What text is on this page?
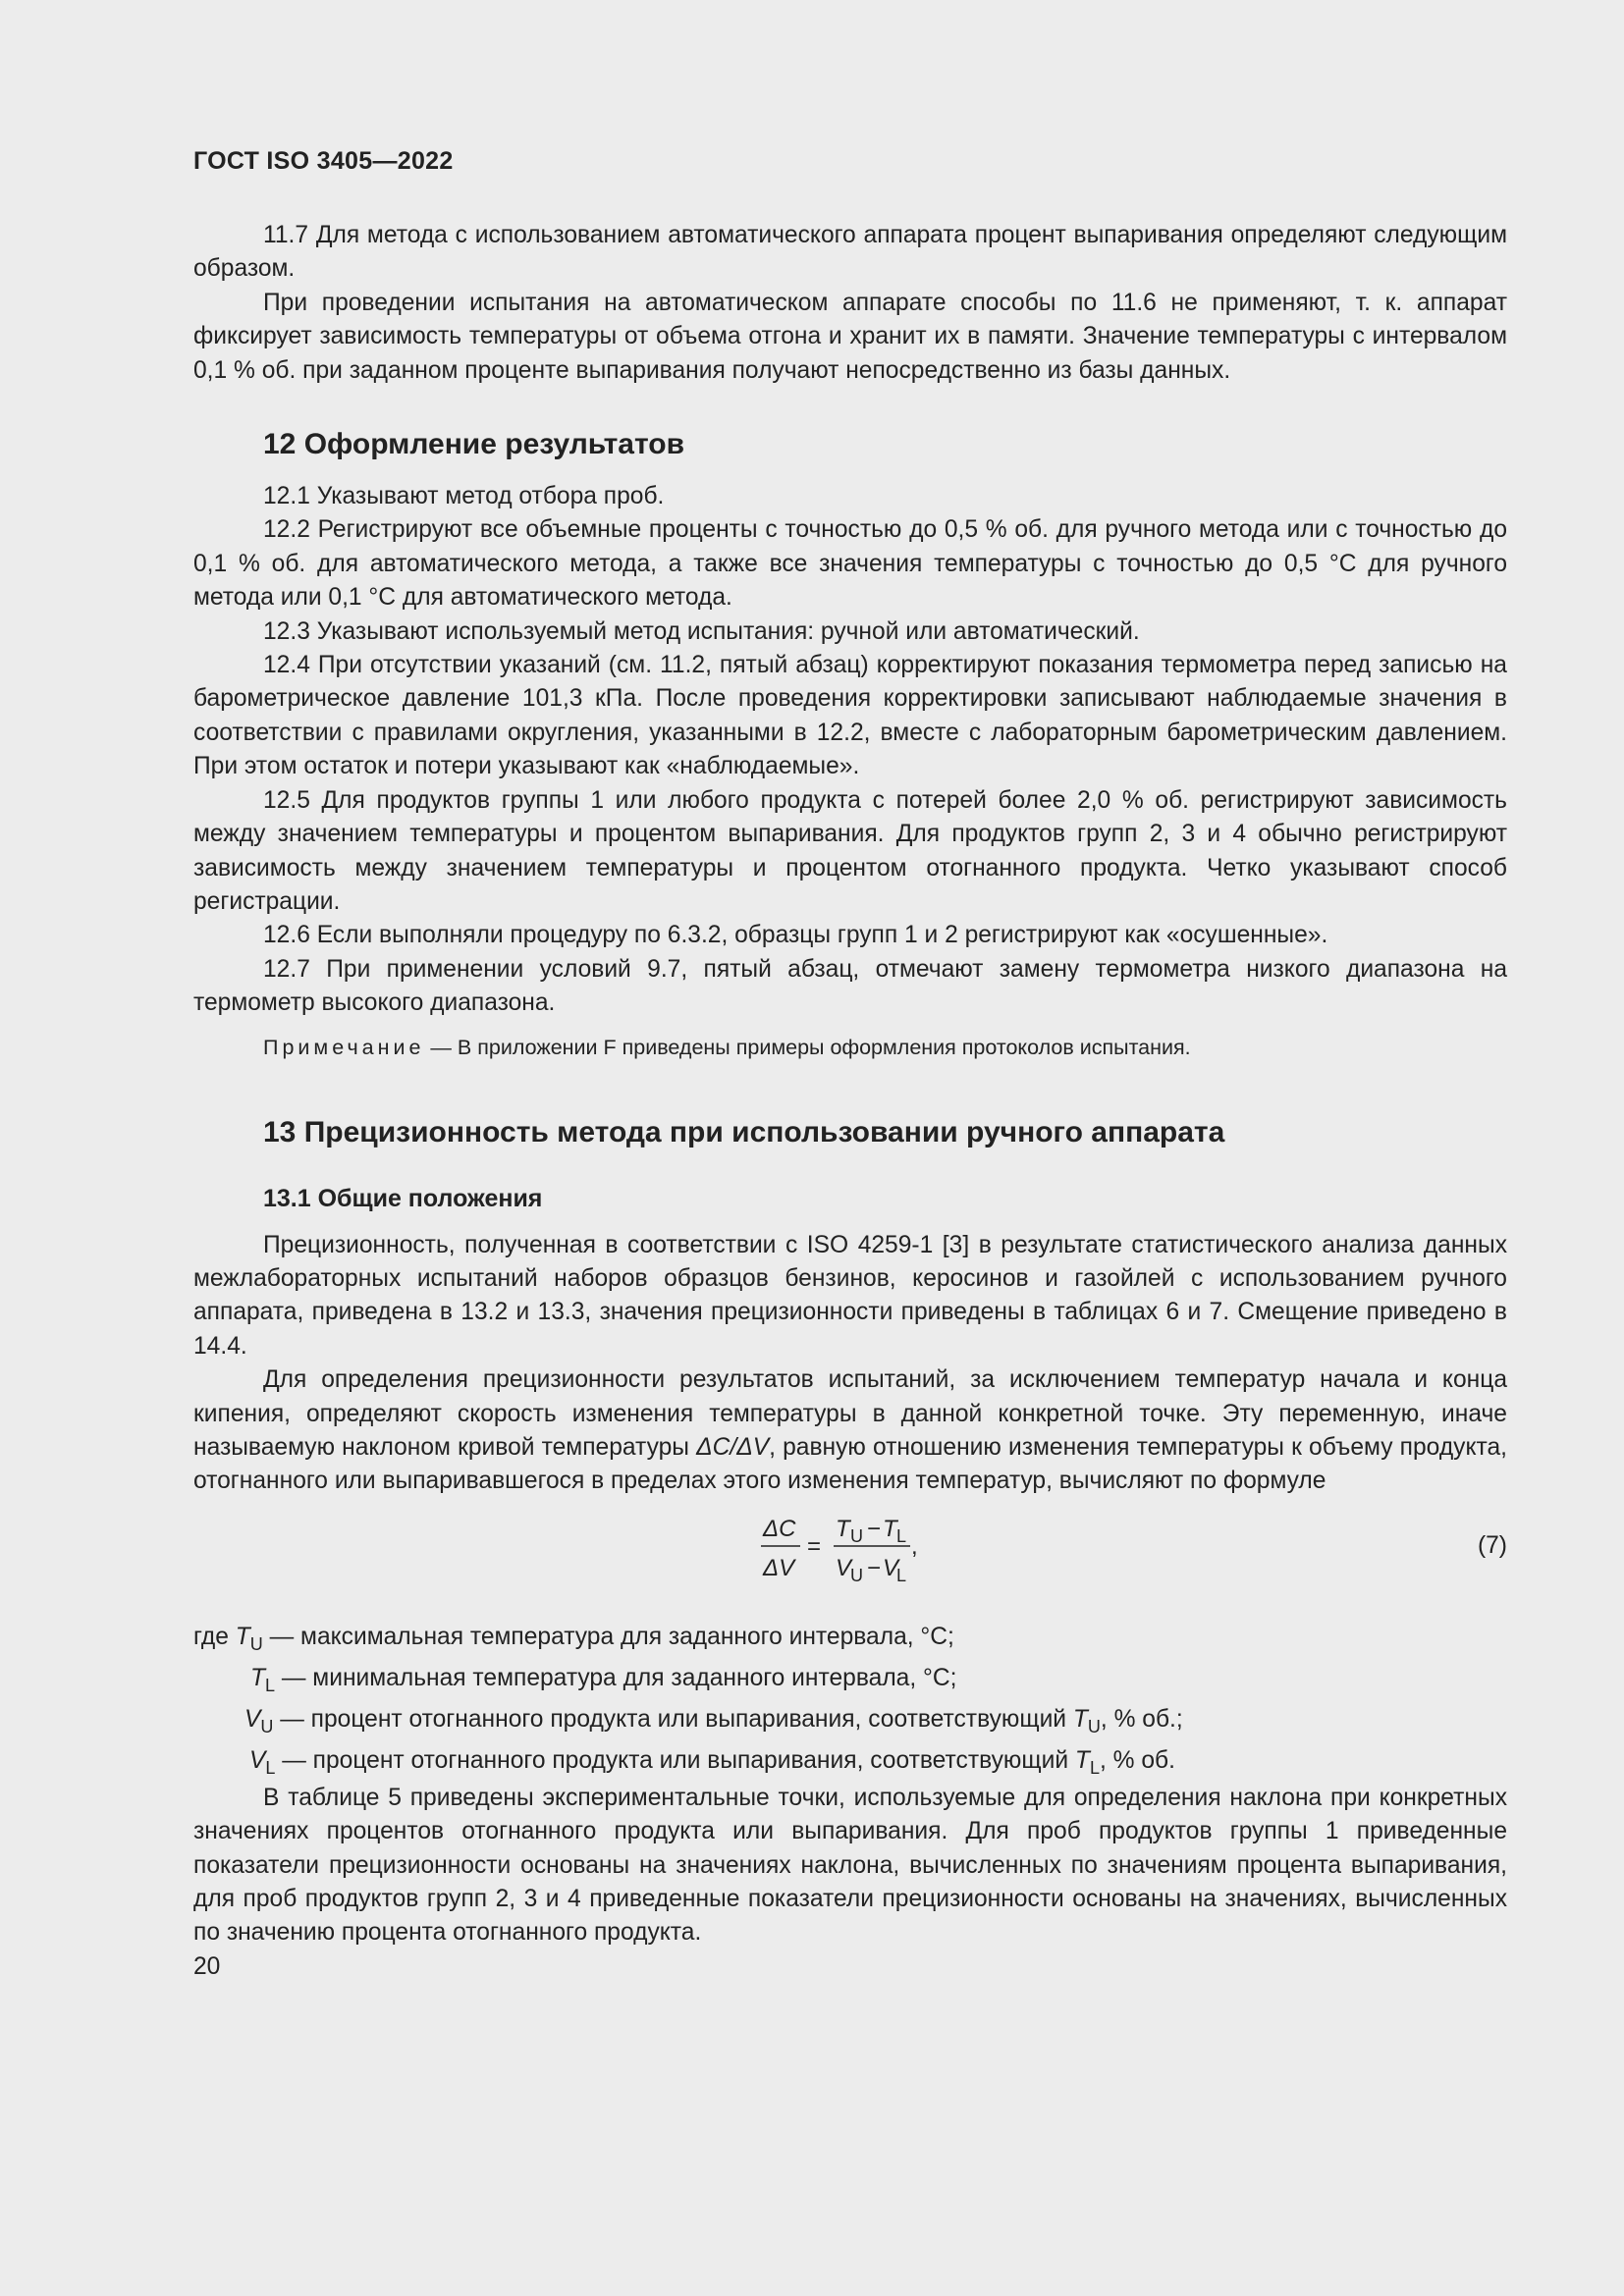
ГОСТ ISO 3405—2022

11.7 Для метода с использованием автоматического аппарата процент выпаривания определяют следующим образом.

При проведении испытания на автоматическом аппарате способы по 11.6 не применяют, т. к. аппарат фиксирует зависимость температуры от объема отгона и хранит их в памяти. Значение температуры с интервалом 0,1 % об. при заданном проценте выпаривания получают непосредственно из базы данных.

12 Оформление результатов

12.1 Указывают метод отбора проб.

12.2 Регистрируют все объемные проценты с точностью до 0,5 % об. для ручного метода или с точностью до 0,1 % об. для автоматического метода, а также все значения температуры с точностью до 0,5 °C для ручного метода или 0,1 °C для автоматического метода.

12.3 Указывают используемый метод испытания: ручной или автоматический.

12.4 При отсутствии указаний (см. 11.2, пятый абзац) корректируют показания термометра перед записью на барометрическое давление 101,3 кПа. После проведения корректировки записывают наблюдаемые значения в соответствии с правилами округления, указанными в 12.2, вместе с лабораторным барометрическим давлением. При этом остаток и потери указывают как «наблюдаемые».

12.5 Для продуктов группы 1 или любого продукта с потерей более 2,0 % об. регистрируют зависимость между значением температуры и процентом выпаривания. Для продуктов групп 2, 3 и 4 обычно регистрируют зависимость между значением температуры и процентом отогнанного продукта. Четко указывают способ регистрации.

12.6 Если выполняли процедуру по 6.3.2, образцы групп 1 и 2 регистрируют как «осушенные».

12.7 При применении условий 9.7, пятый абзац, отмечают замену термометра низкого диапазона на термометр высокого диапазона.

Примечание — В приложении F приведены примеры оформления протоколов испытания.

13 Прецизионность метода при использовании ручного аппарата
13.1 Общие положения

Прецизионность, полученная в соответствии с ISO 4259-1 [3] в результате статистического анализа данных межлабораторных испытаний наборов образцов бензинов, керосинов и газойлей с использованием ручного аппарата, приведена в 13.2 и 13.3, значения прецизионности приведены в таблицах 6 и 7. Смещение приведено в 14.4.

Для определения прецизионности результатов испытаний, за исключением температур начала и конца кипения, определяют скорость изменения температуры в данной конкретной точке. Эту переменную, иначе называемую наклоном кривой температуры ΔC/ΔV, равную отношению изменения температуры к объему продукта, отогнанного или выпаривавшегося в пределах этого изменения температур, вычисляют по формуле

ΔC
ΔV
=
T U − T L
V
U − V
L
,	(7)
где $T_U$ — максимальная температура для заданного интервала, °C;
$T_L$ — минимальная температура для заданного интервала, °C;
$V_U$ — процент отогнанного продукта или выпаривания, соответствующий $T_U$, % об.;
$V_L$ — процент отогнанного продукта или выпаривания, соответствующий $T_L$, % об.

В таблице 5 приведены экспериментальные точки, используемые для определения наклона при конкретных значениях процентов отогнанного продукта или выпаривания. Для проб продуктов группы 1 приведенные показатели прецизионности основаны на значениях наклона, вычисленных по значениям процента выпаривания, для проб продуктов групп 2, 3 и 4 приведенные показатели прецизионности основаны на значениях, вычисленных по значению процента отогнанного продукта.

20
